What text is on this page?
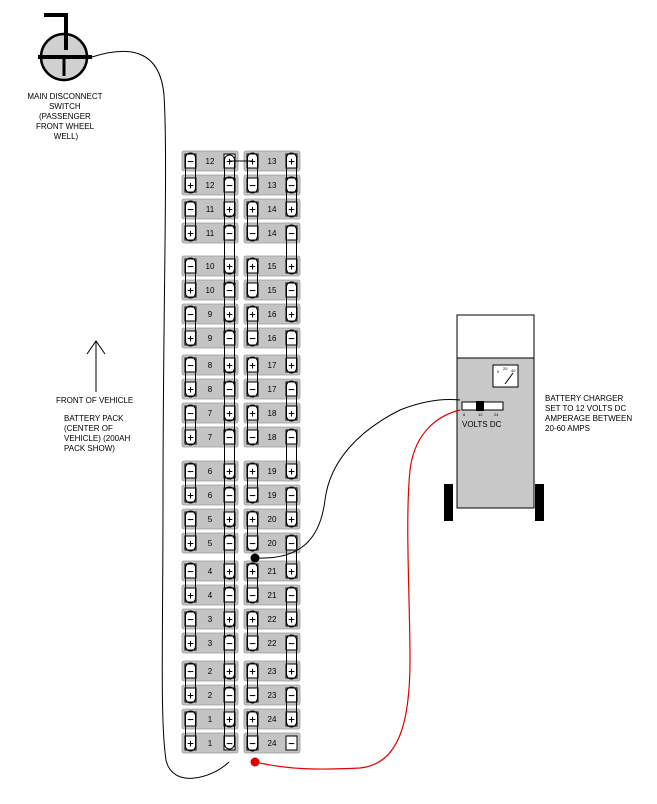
MAIN DISCONNECT SWITCH (PASSENGER FRONT WHEEL WELL)
FRONT OF VEHICLE
BATTERY PACK (CENTER OF VEHICLE) (200AH PACK SHOW)
−	+
12
+	−
12
−	+
11
+	−
11
−	+
10
+	−
10
−	+
9
+	−
9
−	+
8
+	−
8
−	+
7
+	−
7
−	+
6
+	−
6
−	+
5
+	−
5
−	+
4
+	−
4
−	+
3
+	−
3
−	+
2
+	−
2
−	+
1
+	−
1
+	+
13
−	−
13
+	+
14
−	−
14
+	+
15
−	−
15
+	+
16
−	−
16
+	+
17
−	−
17
+	+
18
−	−
18
+	+
19
−	−
19
+	+
20
−	−
20
+	+
21
−	−
21
+	+
22
−	−
22
+	+
23
−	−
23
+	+
24
−	−
24
0
20 40
6	12	24
VOLTS DC
BATTERY CHARGER SET TO 12 VOLTS DC AMPERAGE BETWEEN 20-60 AMPS
